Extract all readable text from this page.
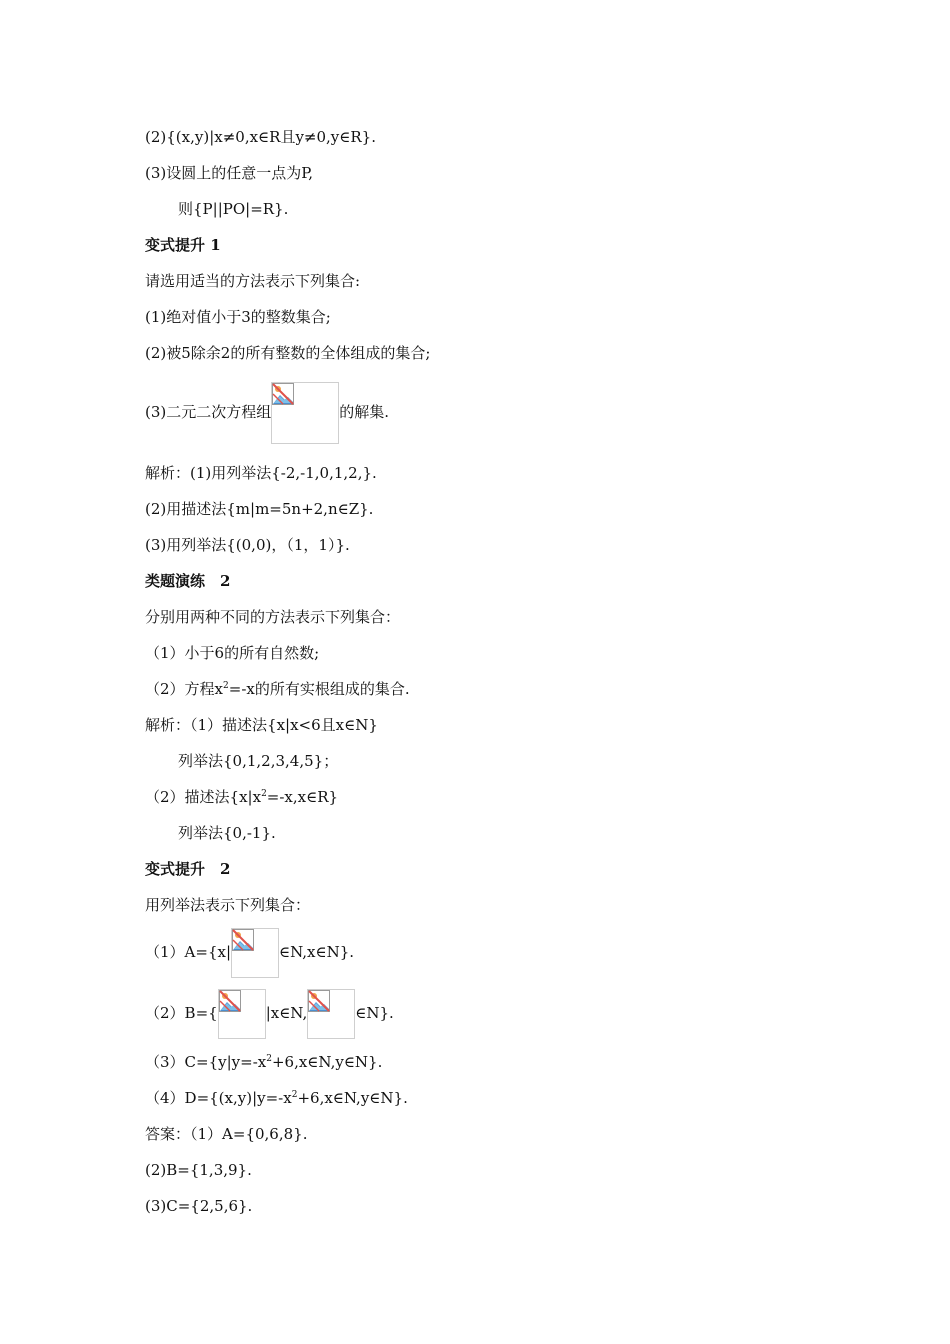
(2){(x,y)|x≠0,x∈R且y≠0,y∈R}.
(3)设圆上的任意一点为P,
则{P||PO|=R}.
变式提升 1
请选用适当的方法表示下列集合:
(1)绝对值小于3的整数集合;
(2)被5除余2的所有整数的全体组成的集合;
(3)二元二次方程组	的解集.
解析：(1)用列举法{-2,-1,0,1,2,}.
(2)用描述法{m|m=5n+2,n∈Z}.
(3)用列举法{(0,0)，（1，1）}.
类题演练　2
分别用两种不同的方法表示下列集合：
（1）小于6的所有自然数;
（2）方程$x^2=-x$的所有实根组成的集合.
解析：（1）描述法{x|x<6且x∈N}
列举法{0,1,2,3,4,5}；
（2）描述法$\{x|x^2=-x,x\in R\}$
列举法{0,-1}.
变式提升　2
用列举法表示下列集合：
（1）A={x|	∈N,x∈N}.
（2）B={	|x∈N,	∈N}.
$(3)C=\{y|y=-x^2+6,x\in N,y\in N\}$.
$(4)D=\{(x,y)|y=-x^2+6,x\in N,y\in N\}$.
答案：（1）A={0,6,8}.
(2)B={1,3,9}.
(3)C={2,5,6}.
